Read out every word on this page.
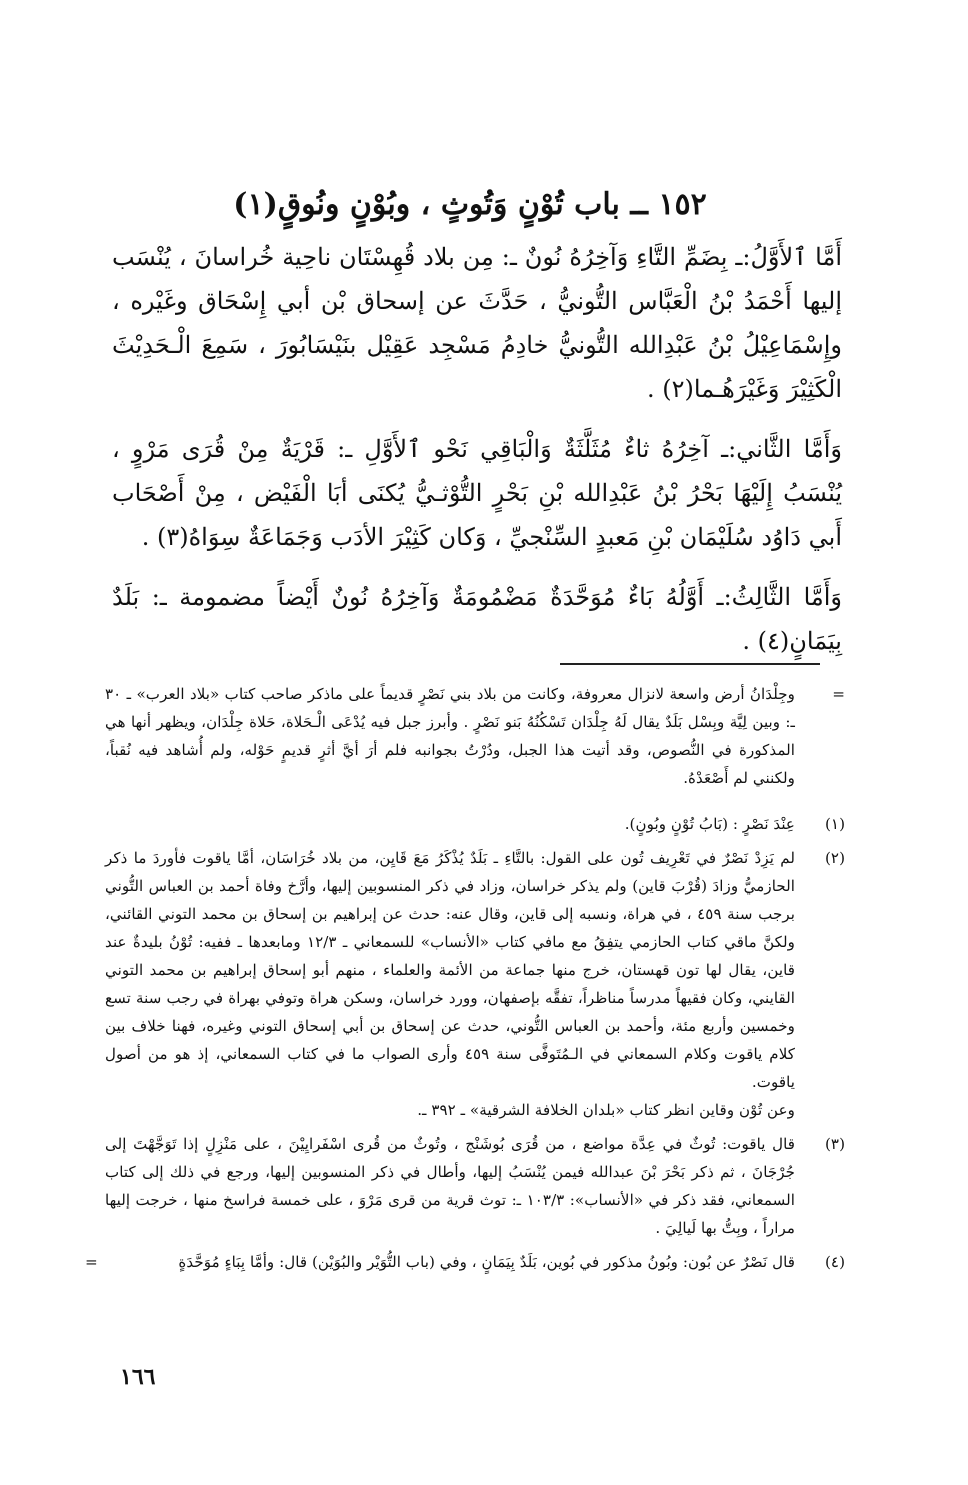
١٥٢ ــ باب تُوْنٍ وَتُوثٍ ، وبُوْنٍ ونُوقٍ(١)

أَمَّا ٱلأَوَّلُ:ـ بِضَمِّ التَّاءِ وَآخِرُهُ نُونٌ ـ: مِن بلاد قُهِسْتَان ناحِية خُراسانَ ، يُنْسَب إليها أَحْمَدُ بْنُ الْعَبَّاس التُّونيُّ ، حَدَّثَ عن إسحاق بْن أبي إِسْحَاق وغَيْره ، وإِسْمَاعِيْلُ بْنُ عَبْدِالله التُّونيُّ خادِمُ مَسْجِد عَقِيْل بنَيْسَابُورَ ، سَمِعَ الْـحَدِيْثَ الْكَثِيْرَ وَغَيْرَهُـما(٢) .

وَأَمَّا الثَّاني:ـ آخِرُهُ ثاءٌ مُثَلَّثَةٌ وَالْبَاقِي نَحْو ٱلأَوَّلِ ـ: قَرْيَةٌ مِنْ قُرَى مَرْوٍ ، يُنْسَبُ إِلَيْهَا بَحْرُ بْنُ عَبْدِالله بْنِ بَحْرٍ التُّوْثـيُّ يُكنَى أبَا الْفَيْض ، مِنْ أَصْحَاب أَبي دَاوُد سُلَيْمَان بْنِ مَعبدٍ السِّنْجيِّ ، وَكان كَثِيْرَ الأدَب وَجَمَاعَةٌ سِوَاهُ(٣) .

وَأَمَّا الثَّالِثُ:ـ أَوَّلُهُ بَاءٌ مُوَحَّدَةٌ مَضْمُومَةٌ وَآخِرُهُ نُونٌ أَيْضاً مضمومة ـ: بَلَدٌ بِيَمَانٍ(٤) .

=
وجِلْدَانُ أرض واسعة لانزال معروفة، وكانت من بلاد بني نَصْرٍ قديماً على ماذكر صاحب كتاب «بلاد العرب» ـ ٣٠ ـ: وبين لِيَّة وبِسْل بَلَدٌ يقال لَهُ جِلْدَان تَسْكُنُهُ بَنو نَصْرٍ . وأبرز جبل فيه يُدْعَى الْـحَلاة، حَلاة جِلْدَان، ويظهر أنها هي المذكورة في النُّصوص، وقد أتيت هذا الجبل، ودُرْتُ بجوانبه فلم أرَ أيَّ أثرٍ قديمٍ حَوْله، ولم أُشاهد فيه نُقباً، ولكنني لم أَصْعَدْهُ.
(١)

عِنْدَ نَصْرٍ : (بَابُ تُوْنٍ وبُونٍ).

(٢)

لم يَزِدْ نَصْرٌ في تَعْرِيف تُون على القول: بالتَّاءِ ـ بَلَدٌ يُذْكَرُ مَعَ قَايِن، من بلاد خُرَاسَان، أمَّا ياقوت فأوردَ ما ذكر الحازميُّ وزادَ (قُرْبَ قاين) ولم يذكر خراسان، وزاد في ذكر المنسوبين إليها، وأرَّخ وفاة أحمد بن العباس التُّوني برجب سنة ٤٥٩ ، في هراة، ونسبه إلى قاين، وقال عنه: حدث عن إبراهيم بن إسحاق بن محمد التوني القائني، ولكنَّ ماقي كتاب الحازمي يتفِقُ مع مافي كتاب «الأنساب» للسمعاني ـ ١٢/٣ ومابعدها ـ ففيه: تُوْنُ بليدةٌ عند قاين، يقال لها تون قهستان، خرج منها جماعة من الأئمة والعلماء ، منهم أبو إسحاق إبراهيم بن محمد التوني القايني، وكان فقيهاً مدرساً مناظراً، تفقَّه بإصفهان، وورد خراسان، وسكن هراة وتوفي بهراة في رجب سنة تسع وخمسين وأربع مئة، وأحمد بن العباس التُّوني، حدث عن إسحاق بن أبي إسحاق التوني وغيره، فهنا خلاف بين كلام ياقوت وكلام السمعاني في الـمُتَوفَّى سنة ٤٥٩ وأرى الصواب ما في كتاب السمعاني، إذ هو من أصول ياقوت.

وعن تُوْن وقاين انظر كتاب «بلدان الخلافة الشرقية» ـ ٣٩٢ ـ.

(٣)

قال ياقوت: تُوثٌ في عِدَّة مواضع ، من قُرَى بُوشَنْج ، وتُوثٌ من قُرى اسْفَرايِيْنَ ، على مَنْزِلٍ إذا تَوَجَّهْتَ إلى جُرْجَانَ ، ثم ذكر بَحْرَ بْنَ عبدالله فيمن يُنْسَبُ إليها، وأطال في ذكر المنسوبين إليها، ورجع في ذلك إلى كتاب السمعاني، فقد ذكر في «الأنساب»: ١٠٣/٣ ـ: توث قرية من قرى مَرْوَ ، على خمسة فراسخ منها ، خرجت إليها مراراً ، وبِتُّ بها لَيالِيَ .

(٤)

قال نَصْرٌ عن بُون: وبُونُ مذكور في بُوين، بَلَدٌ بِيَمَانٍ ، وفي (باب التُّوَيْر والبُوَيْن) قال: وأمَّا بِبَاءٍ مُوَحَّدَةٍ

=
١٦٦
